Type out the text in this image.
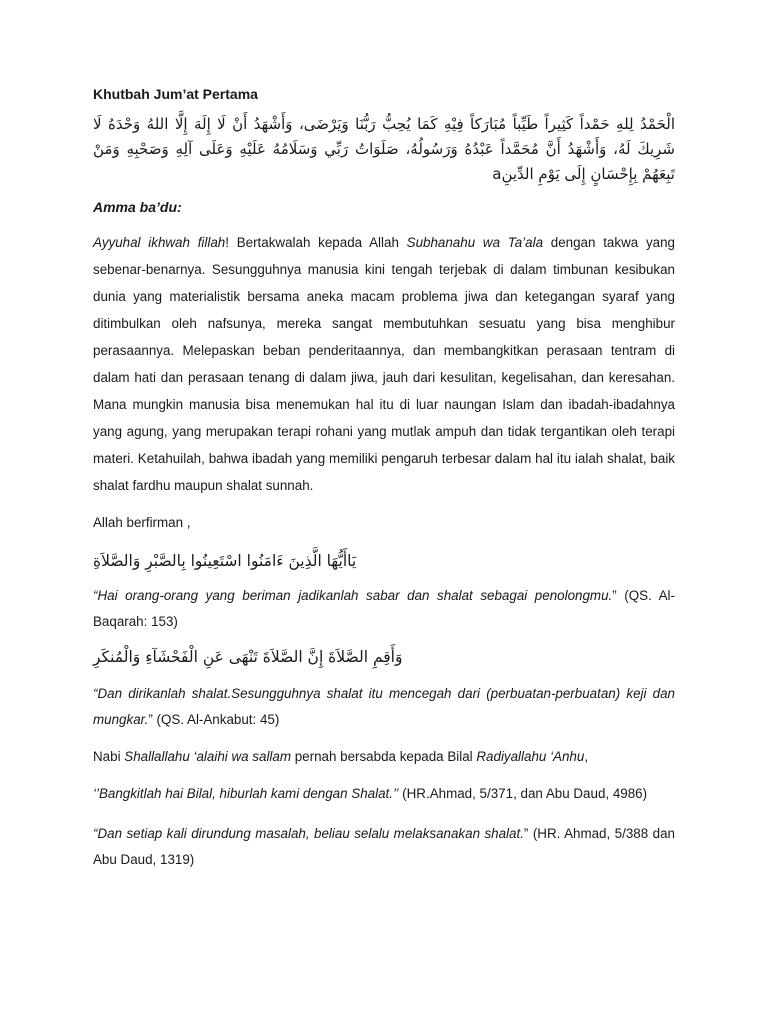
Khutbah Jum’at Pertama

الْحَمْدُ لِلهِ حَمْداً كَثِيراً طَيِّباً مُبَارَكاً فِيْهِ كَمَا يُحِبُّ رَبُّنَا وَيَرْضَى، وَأَشْهَدُ أَنْ لَا إِلَهَ إِلَّا اللهُ وَحْدَهُ لَا شَرِيكَ لَهُ، وَأَشْهَدُ أَنَّ مُحَمَّداً عَبْدُهُ وَرَسُولُهُ، صَلَوَاتُ رَبِّي وَسَلَامُهُ عَلَيْهِ وَعَلَى آلِهِ وَصَحْبِهِ وَمَنْ تَبِعَهُمْ بِإِحْسَانٍ إِلَى يَوْمِ الدِّينِa

Amma ba’du:

Ayyuhal ikhwah fillah! Bertakwalah kepada Allah Subhanahu wa Ta’ala dengan takwa yang sebenar-benarnya. Sesungguhnya manusia kini tengah terjebak di dalam timbunan kesibukan dunia yang materialistik bersama aneka macam problema jiwa dan ketegangan syaraf yang ditimbulkan oleh nafsunya, mereka sangat membutuhkan sesuatu yang bisa menghibur perasaannya. Melepaskan beban penderitaannya, dan membangkitkan perasaan tentram di dalam hati dan perasaan tenang di dalam jiwa, jauh dari kesulitan, kegelisahan, dan keresahan. Mana mungkin manusia bisa menemukan hal itu di luar naungan Islam dan ibadah-ibadahnya yang agung, yang merupakan terapi rohani yang mutlak ampuh dan tidak tergantikan oleh terapi materi. Ketahuilah, bahwa ibadah yang memiliki pengaruh terbesar dalam hal itu ialah shalat, baik shalat fardhu maupun shalat sunnah.

Allah berfirman ,

يَاأَيُّهَا الَّذِينَ ءَامَنُوا اسْتَعِينُوا بِالصَّبْرِ وَالصَّلاَةِ

“Hai orang-orang yang beriman jadikanlah sabar dan shalat sebagai penolongmu.” (QS. Al-Baqarah: 153)

وَأَقِمِ الصَّلاَةَ إِنَّ الصَّلاَةَ تَنْهَى عَنِ الْفَحْشَآءِ وَالْمُنكَرِ

“Dan dirikanlah shalat.Sesungguhnya shalat itu mencegah dari (perbuatan-perbuatan) keji dan mungkar.” (QS. Al-Ankabut: 45)

Nabi Shallallahu ‘alaihi wa sallam pernah bersabda kepada Bilal Radiyallahu ‘Anhu,

‘’Bangkitlah hai Bilal, hiburlah kami dengan Shalat.’’ (HR.Ahmad, 5/371, dan Abu Daud, 4986)

“Dan setiap kali dirundung masalah, beliau selalu melaksanakan shalat.” (HR. Ahmad, 5/388 dan Abu Daud, 1319)
